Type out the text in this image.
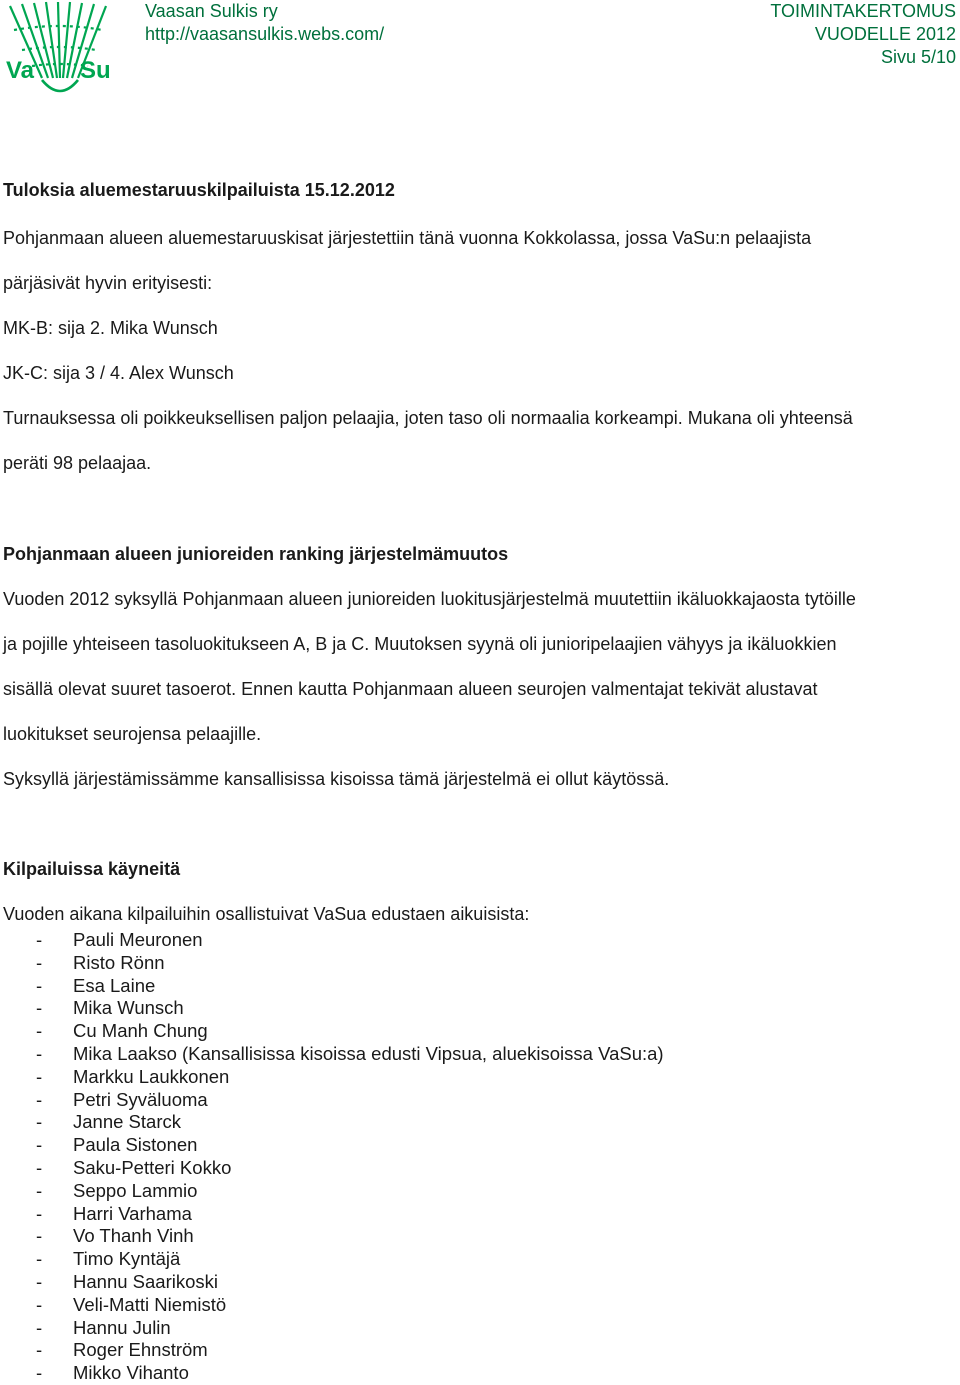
Va Su
Vaasan Sulkis ry
http://vaasansulkis.webs.com/
TOIMINTAKERTOMUS
VUODELLE 2012
Sivu 5/10
Tuloksia aluemestaruuskilpailuista 15.12.2012
Pohjanmaan alueen aluemestaruuskisat järjestettiin tänä vuonna Kokkolassa, jossa VaSu:n pelaajista
pärjäsivät hyvin erityisesti:
MK-B: sija 2. Mika Wunsch
JK-C: sija 3 / 4. Alex Wunsch
Turnauksessa oli poikkeuksellisen paljon pelaajia, joten taso oli normaalia korkeampi. Mukana oli yhteensä
peräti 98 pelaajaa.
Pohjanmaan alueen junioreiden ranking järjestelmämuutos
Vuoden 2012 syksyllä Pohjanmaan alueen junioreiden luokitusjärjestelmä muutettiin ikäluokkajaosta tytöille
ja pojille yhteiseen tasoluokitukseen A, B ja C. Muutoksen syynä oli junioripelaajien vähyys ja ikäluokkien
sisällä olevat suuret tasoerot. Ennen kautta Pohjanmaan alueen seurojen valmentajat tekivät alustavat
luokitukset seurojensa pelaajille.
Syksyllä järjestämissämme kansallisissa kisoissa tämä järjestelmä ei ollut käytössä.
Kilpailuissa käyneitä
Vuoden aikana kilpailuihin osallistuivat VaSua edustaen aikuisista:
- Pauli Meuronen
- Risto Rönn
- Esa Laine
- Mika Wunsch
- Cu Manh Chung
- Mika Laakso (Kansallisissa kisoissa edusti Vipsua, aluekisoissa VaSu:a)
- Markku Laukkonen
- Petri Syväluoma
- Janne Starck
- Paula Sistonen
- Saku-Petteri Kokko
- Seppo Lammio
- Harri Varhama
- Vo Thanh Vinh
- Timo Kyntäjä
- Hannu Saarikoski
- Veli-Matti Niemistö
- Hannu Julin
- Roger Ehnström
- Mikko Vihanto
